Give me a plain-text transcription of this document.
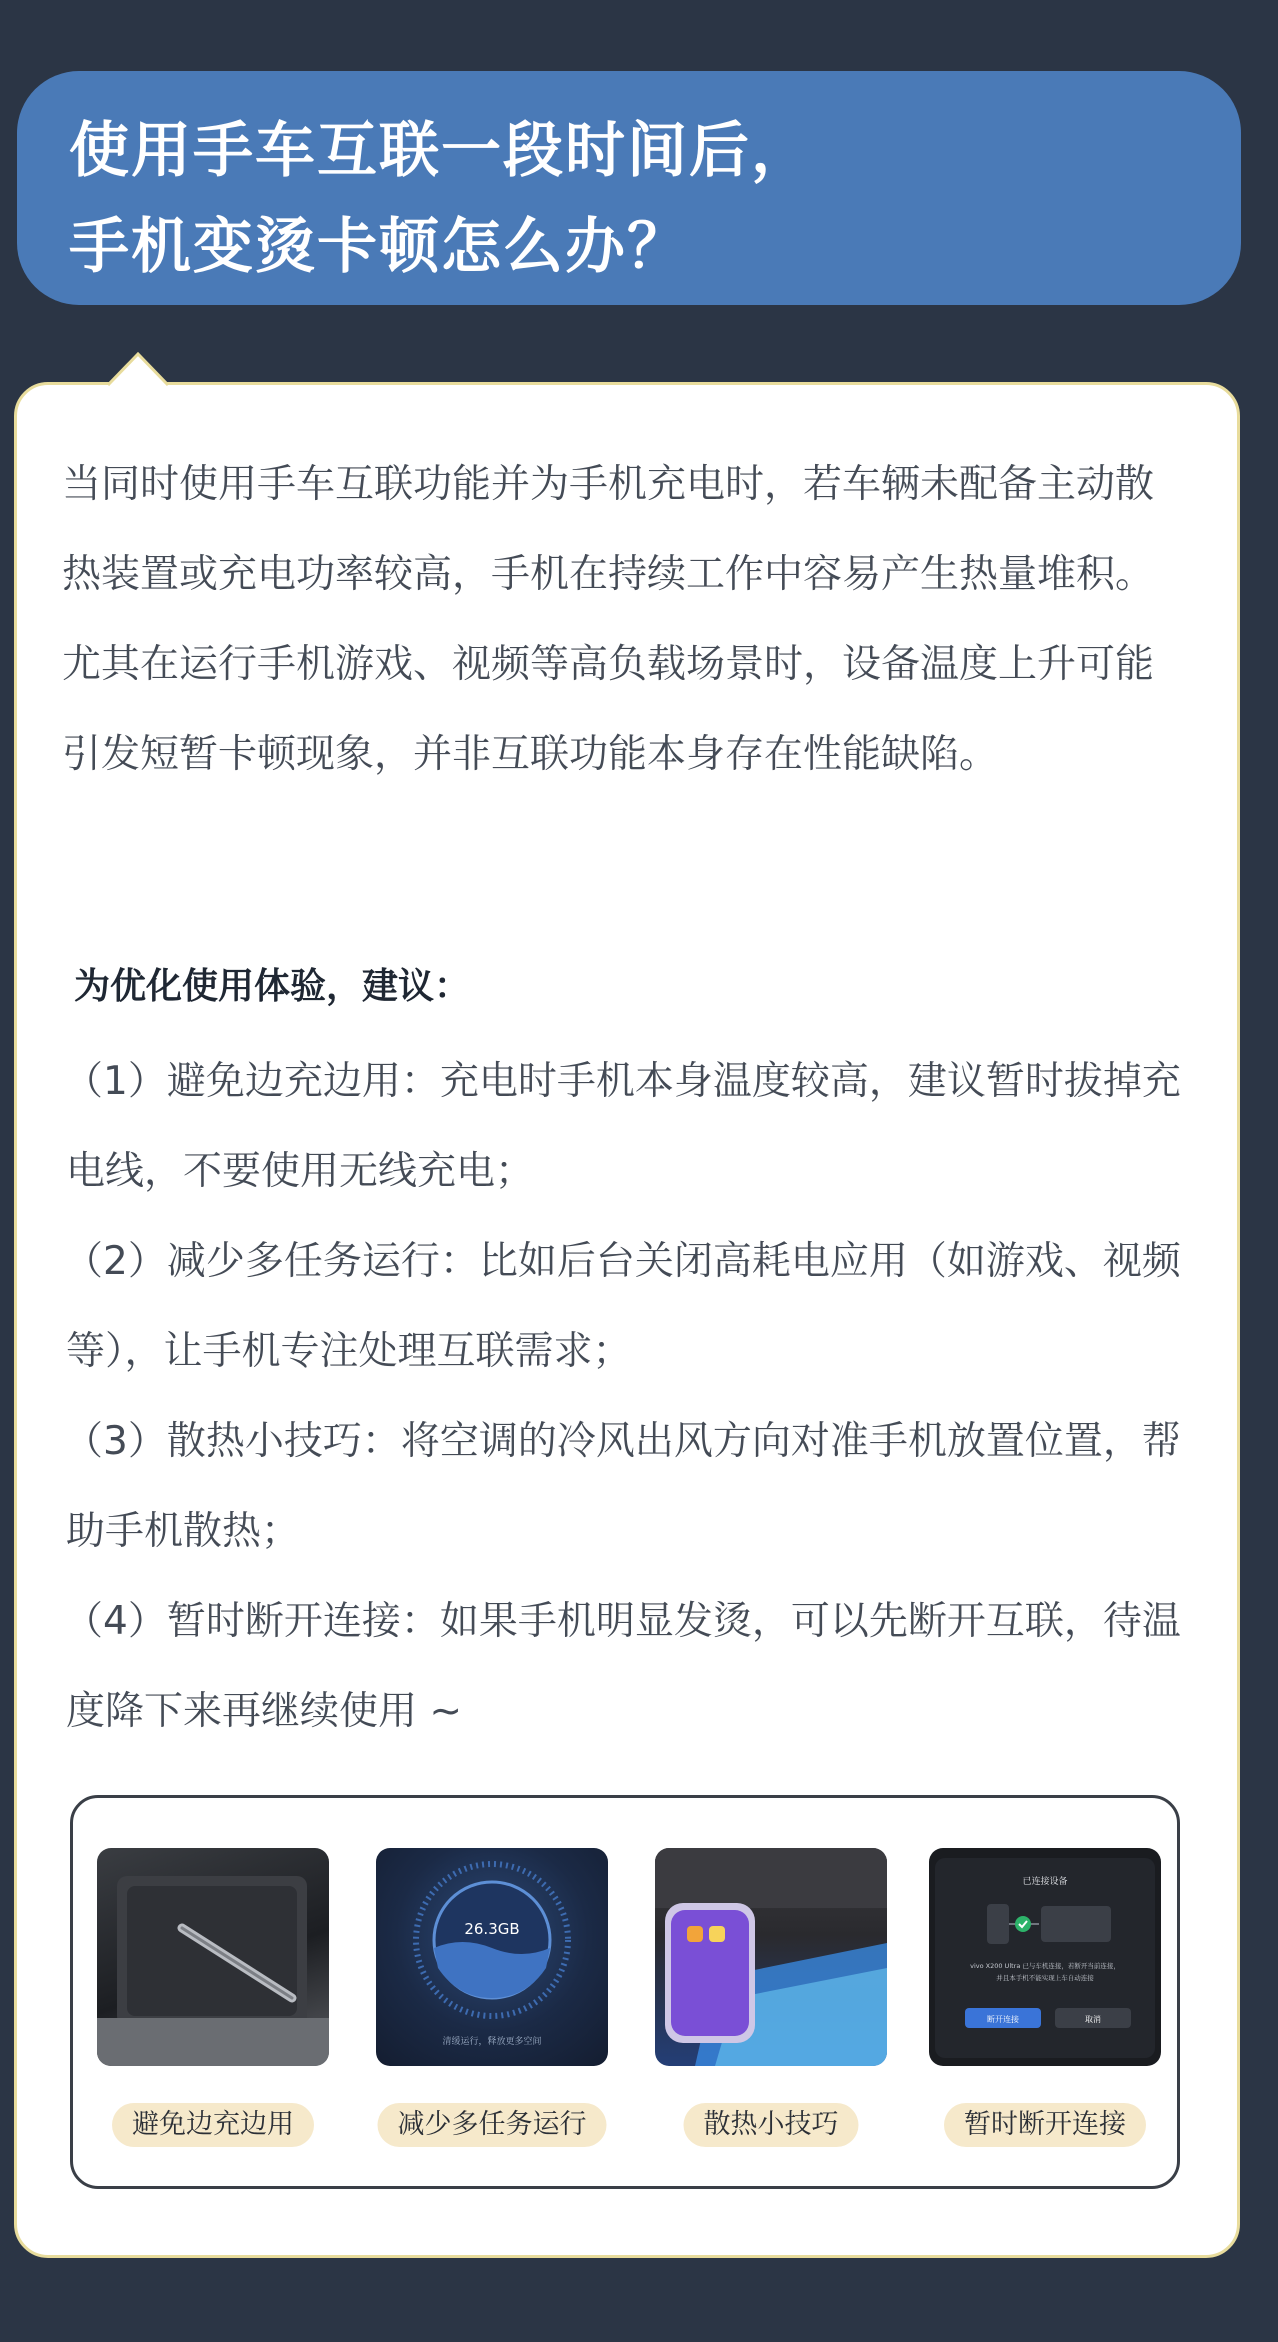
使用手车互联一段时间后，
手机变烫卡顿怎么办？

当同时使用手车互联功能并为手机充电时，若车辆未配备主动散热装置或充电功率较高，手机在持续工作中容易产生热量堆积。尤其在运行手机游戏、视频等高负载场景时，设备温度上升可能引发短暂卡顿现象，并非互联功能本身存在性能缺陷。

为优化使用体验，建议：
（1）避免边充边用：充电时手机本身温度较高，建议暂时拔掉充电线，不要使用无线充电；
（2）减少多任务运行：比如后台关闭高耗电应用（如游戏、视频等），让手机专注处理互联需求；
（3）散热小技巧：将空调的冷风出风方向对准手机放置位置，帮助手机散热；
（4）暂时断开连接：如果手机明显发烫，可以先断开互联，待温度降下来再继续使用 ~
避免边充边用
26.3GB
清缓运行，释放更多空间
减少多任务运行	散热小技巧
已连接设备
vivo X200 Ultra 已与车机连接，若断开当前连接，
并且本手机不能实现上车自动连接
断开连接	取消
暂时断开连接
